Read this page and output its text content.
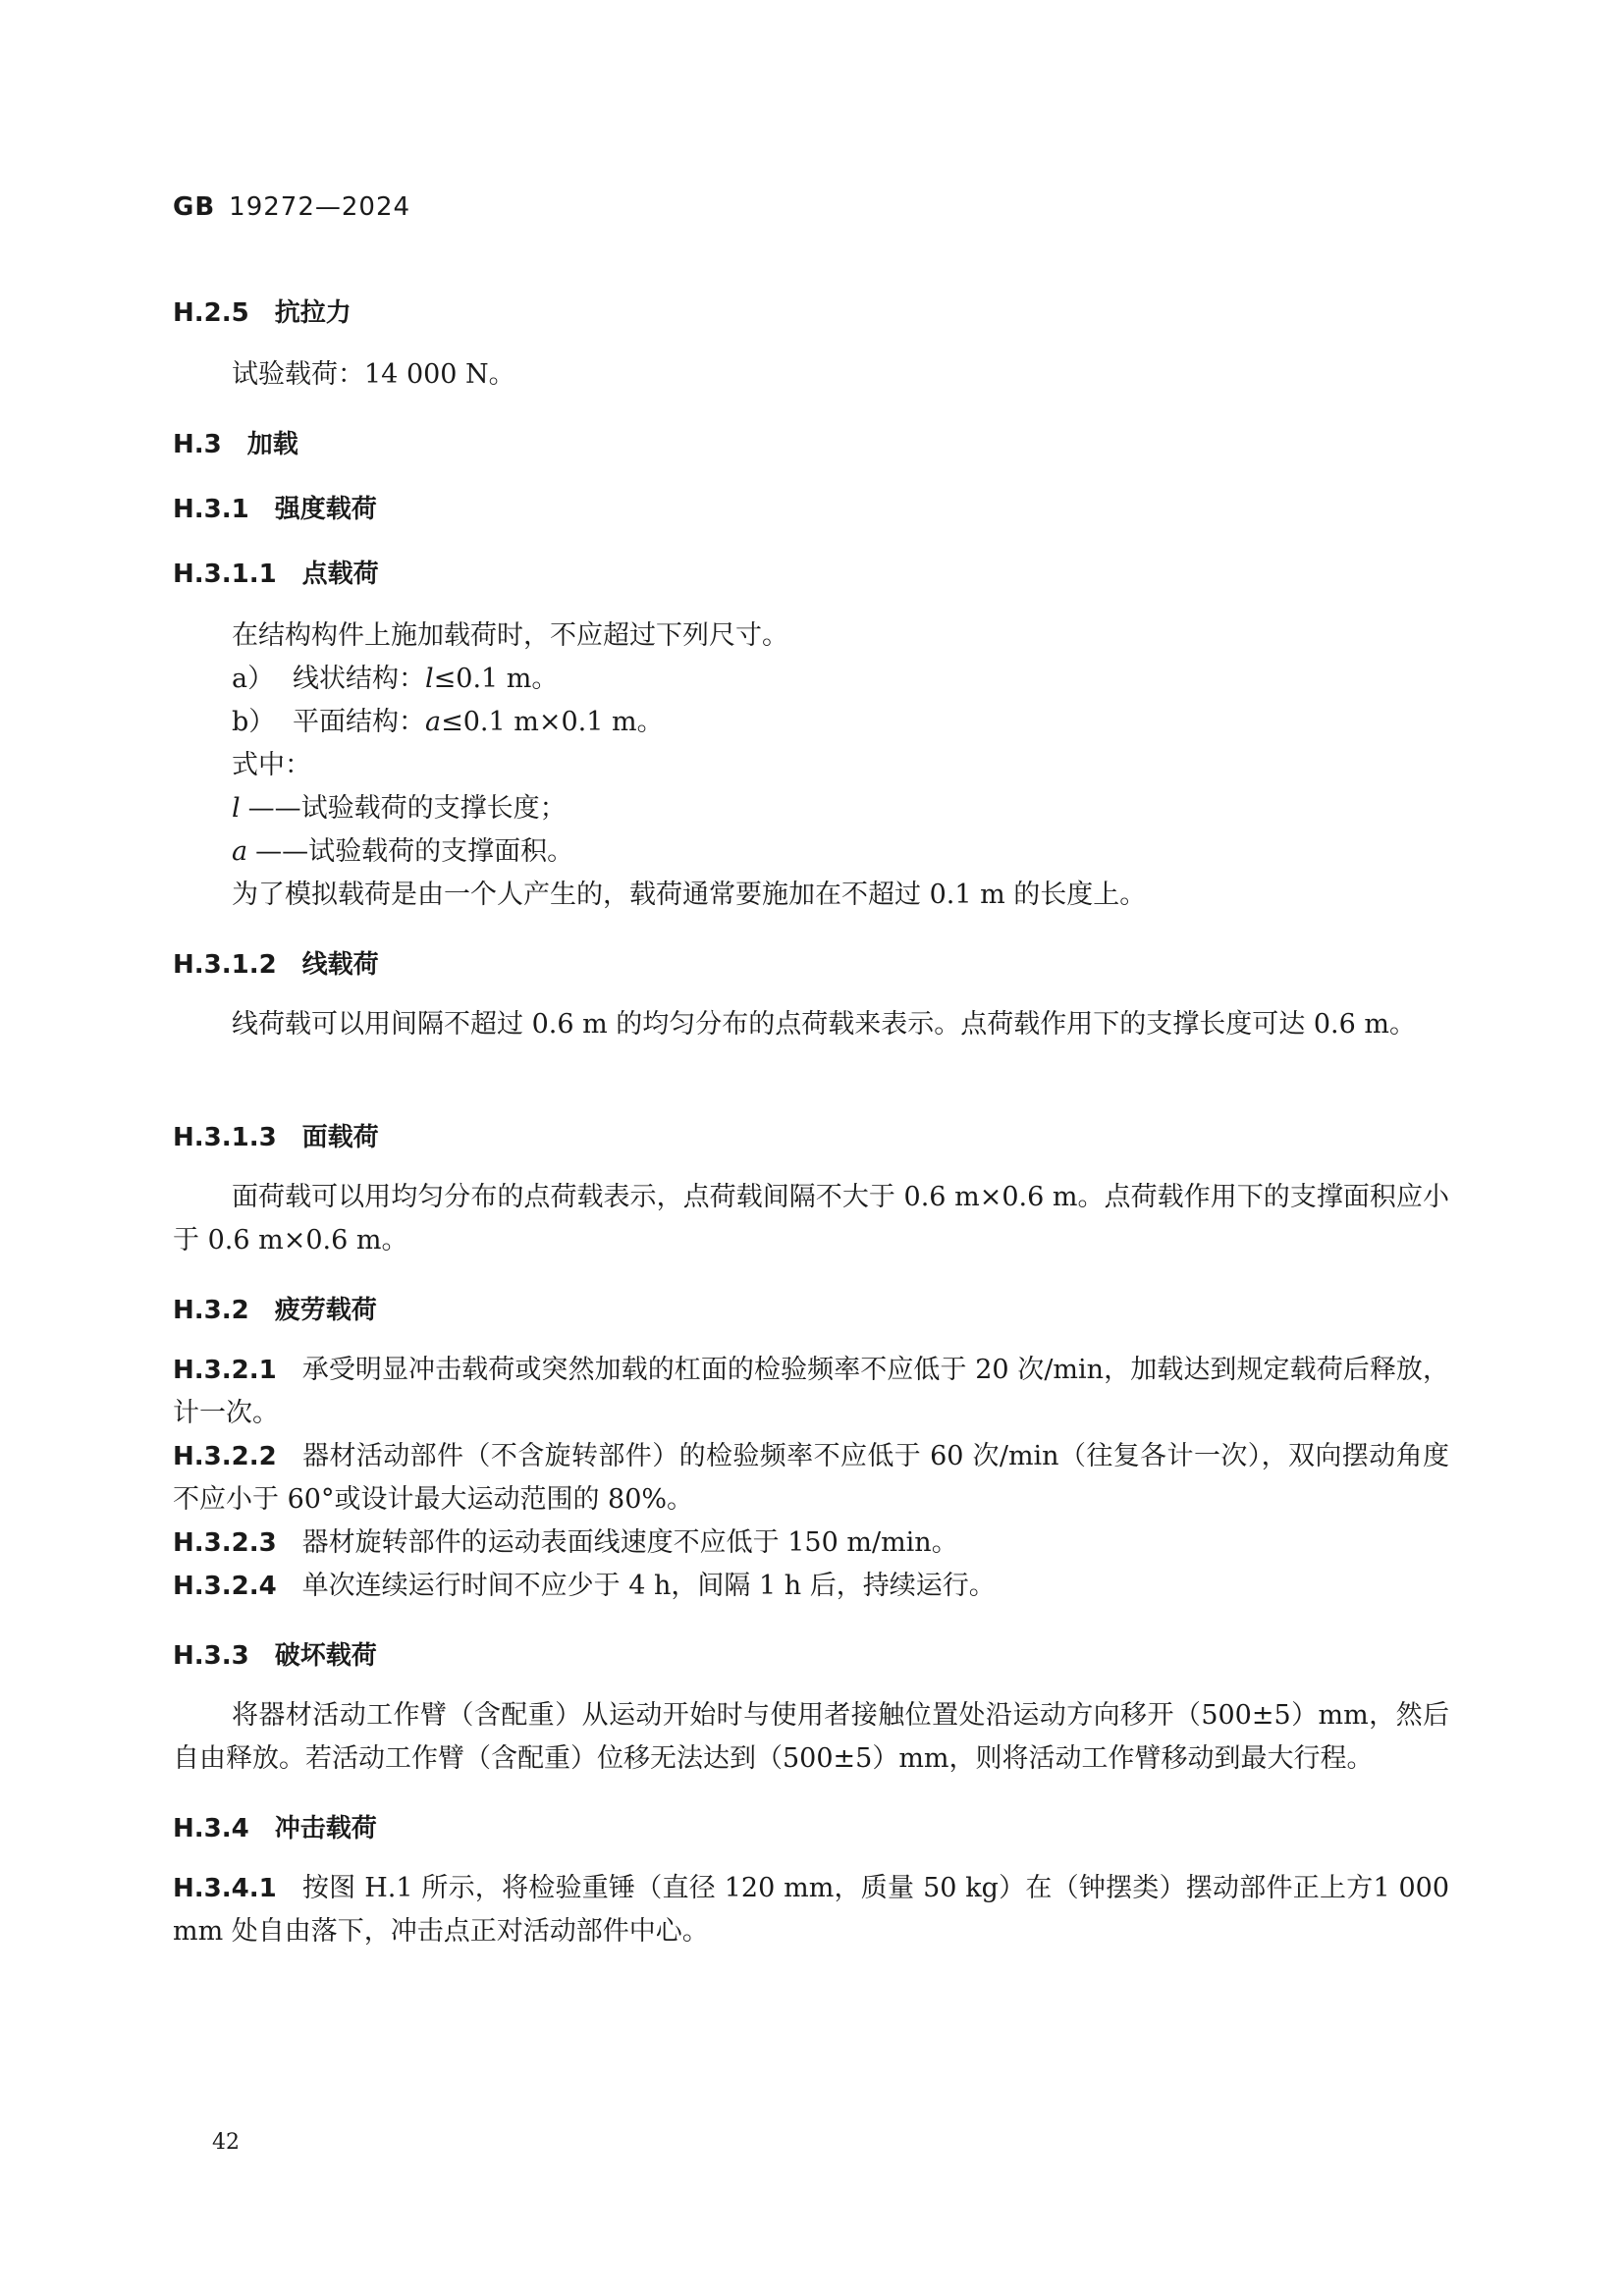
GB 19272—2024
H.2.5 抗拉力
试验载荷：14 000 N。
H.3 加载
H.3.1 强度载荷
H.3.1.1 点载荷
在结构构件上施加载荷时，不应超过下列尺寸。
a） 线状结构：l≤0.1 m。
b） 平面结构：a≤0.1 m×0.1 m。
式中：
l ——试验载荷的支撑长度；
a ——试验载荷的支撑面积。
为了模拟载荷是由一个人产生的，载荷通常要施加在不超过 0.1 m 的长度上。
H.3.1.2 线载荷
线荷载可以用间隔不超过 0.6 m 的均匀分布的点荷载来表示。点荷载作用下的支撑长度可达 0.6 m。
H.3.1.3 面载荷
面荷载可以用均匀分布的点荷载表示，点荷载间隔不大于 0.6 m×0.6 m。点荷载作用下的支撑面积应小于 0.6 m×0.6 m。
H.3.2 疲劳载荷
H.3.2.1 承受明显冲击载荷或突然加载的杠面的检验频率不应低于 20 次/min，加载达到规定载荷后释放，计一次。
H.3.2.2 器材活动部件（不含旋转部件）的检验频率不应低于 60 次/min（往复各计一次），双向摆动角度不应小于 60°或设计最大运动范围的 80%。
H.3.2.3 器材旋转部件的运动表面线速度不应低于 150 m/min。
H.3.2.4 单次连续运行时间不应少于 4 h，间隔 1 h 后，持续运行。
H.3.3 破坏载荷
将器材活动工作臂（含配重）从运动开始时与使用者接触位置处沿运动方向移开（500±5）mm，然后自由释放。若活动工作臂（含配重）位移无法达到（500±5）mm，则将活动工作臂移动到最大行程。
H.3.4 冲击载荷
H.3.4.1 按图 H.1 所示，将检验重锤（直径 120 mm，质量 50 kg）在（钟摆类）摆动部件正上方1 000 mm 处自由落下，冲击点正对活动部件中心。
42
